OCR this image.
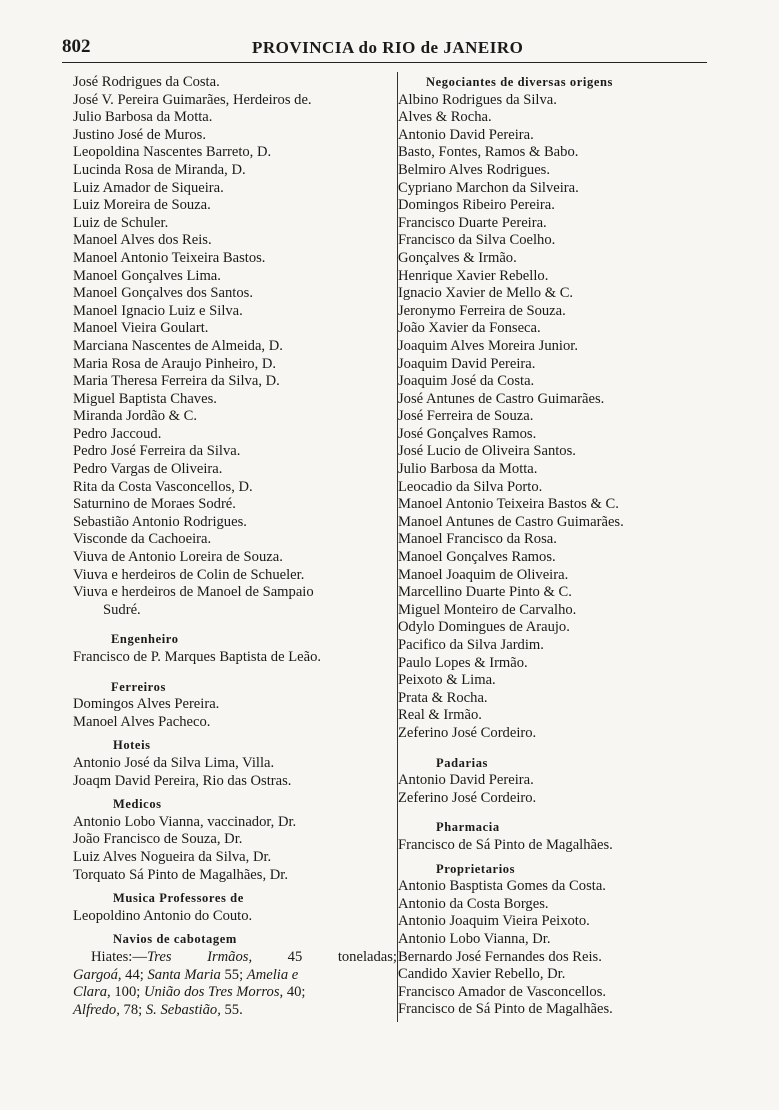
802	PROVINCIA do RIO de JANEIRO
José Rodrigues da Costa.
José V. Pereira Guimarães, Herdeiros de.
Julio Barbosa da Motta.
Justino José de Muros.
Leopoldina Nascentes Barreto, D.
Lucinda Rosa de Miranda, D.
Luiz Amador de Siqueira.
Luiz Moreira de Souza.
Luiz de Schuler.
Manoel Alves dos Reis.
Manoel Antonio Teixeira Bastos.
Manoel Gonçalves Lima.
Manoel Gonçalves dos Santos.
Manoel Ignacio Luiz e Silva.
Manoel Vieira Goulart.
Marciana Nascentes de Almeida, D.
Maria Rosa de Araujo Pinheiro, D.
Maria Theresa Ferreira da Silva, D.
Miguel Baptista Chaves.
Miranda Jordão & C.
Pedro Jaccoud.
Pedro José Ferreira da Silva.
Pedro Vargas de Oliveira.
Rita da Costa Vasconcellos, D.
Saturnino de Moraes Sodré.
Sebastião Antonio Rodrigues.
Visconde da Cachoeira.
Viuva de Antonio Loreira de Souza.
Viuva e herdeiros de Colin de Schueler.
Viuva e herdeiros de Manoel de Sampaio
Sudré.
Engenheiro
Francisco de P. Marques Baptista de Leão.
Ferreiros
Domingos Alves Pereira.
Manoel Alves Pacheco.
Hoteis
Antonio José da Silva Lima, Villa.
Joaqm David Pereira, Rio das Ostras.
Medicos
Antonio Lobo Vianna, vaccinador, Dr.
João Francisco de Souza, Dr.
Luiz Alves Nogueira da Silva, Dr.
Torquato Sá Pinto de Magalhães, Dr.
Musica Professores de
Leopoldino Antonio do Couto.
Navios de cabotagem
Hiates:—Tres Irmãos, 45 toneladas;
Gargoá, 44; Santa Maria 55; Amelia e
Clara, 100; União dos Tres Morros, 40;
Alfredo, 78; S. Sebastião, 55.
Negociantes de diversas origens
Albino Rodrigues da Silva.
Alves & Rocha.
Antonio David Pereira.
Basto, Fontes, Ramos & Babo.
Belmiro Alves Rodrigues.
Cypriano Marchon da Silveira.
Domingos Ribeiro Pereira.
Francisco Duarte Pereira.
Francisco da Silva Coelho.
Gonçalves & Irmão.
Henrique Xavier Rebello.
Ignacio Xavier de Mello & C.
Jeronymo Ferreira de Souza.
João Xavier da Fonseca.
Joaquim Alves Moreira Junior.
Joaquim David Pereira.
Joaquim José da Costa.
José Antunes de Castro Guimarães.
José Ferreira de Souza.
José Gonçalves Ramos.
José Lucio de Oliveira Santos.
Julio Barbosa da Motta.
Leocadio da Silva Porto.
Manoel Antonio Teixeira Bastos & C.
Manoel Antunes de Castro Guimarães.
Manoel Francisco da Rosa.
Manoel Gonçalves Ramos.
Manoel Joaquim de Oliveira.
Marcellino Duarte Pinto & C.
Miguel Monteiro de Carvalho.
Odylo Domingues de Araujo.
Pacifico da Silva Jardim.
Paulo Lopes & Irmão.
Peixoto & Lima.
Prata & Rocha.
Real & Irmão.
Zeferino José Cordeiro.
Padarias
Antonio David Pereira.
Zeferino José Cordeiro.
Pharmacia
Francisco de Sá Pinto de Magalhães.
Proprietarios
Antonio Basptista Gomes da Costa.
Antonio da Costa Borges.
Antonio Joaquim Vieira Peixoto.
Antonio Lobo Vianna, Dr.
Bernardo José Fernandes dos Reis.
Candido Xavier Rebello, Dr.
Francisco Amador de Vasconcellos.
Francisco de Sá Pinto de Magalhães.
